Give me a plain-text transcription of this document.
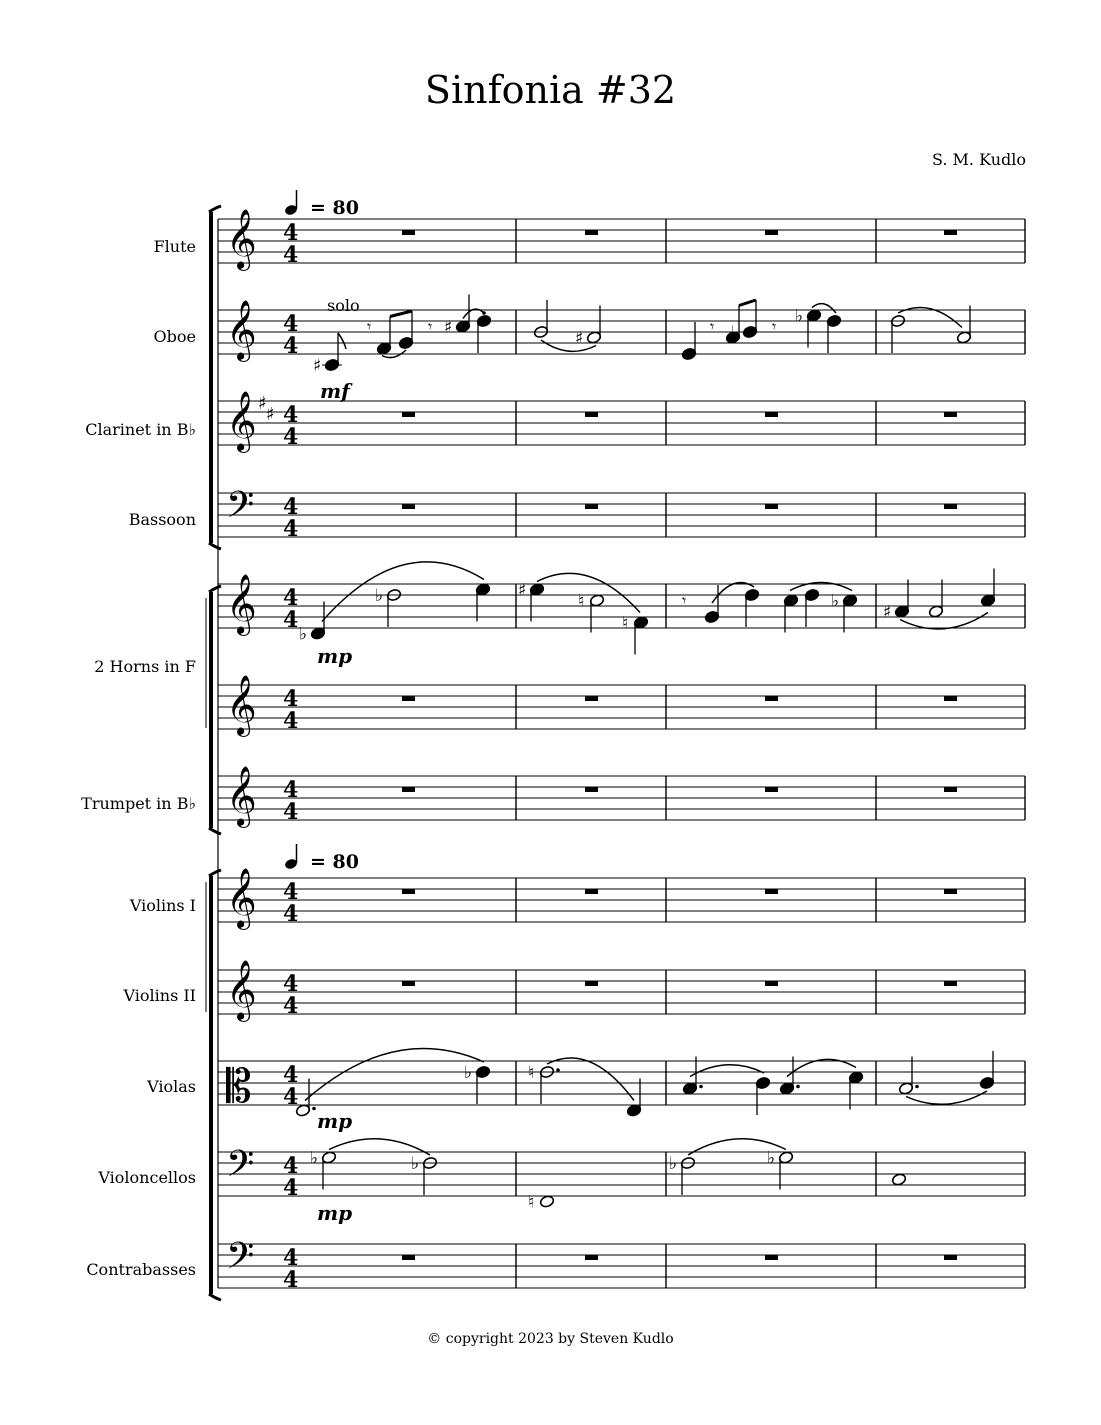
Sinfonia #32
S. M. Kudlo
Flute
Oboe
Clarinet in B♭
Bassoon
2 Horns in F
Trumpet in B♭
Violins I
Violins II
Violas
Violoncellos
Contrabasses
𝄞 4
4
𝄞 4
4
𝄞 ♯
♯ 4
4
𝄢 4
4
𝄞 4
4
𝄞 4
4
𝄞 4
4
𝄞 4
4
𝄞 4
4
𝄡 4
4
𝄢 4
4
𝄢 4
4
♯
𝄾	𝄾 ♯
♯
𝄾 ♭ 𝄾 ♭
♭
♭	♯
♮
♮
𝄾	♭
♯
♭	♮
♭	♭
♮
♭	♭
= 80
= 80
solo
mf
mp
mp
mp
© copyright 2023 by Steven Kudlo
